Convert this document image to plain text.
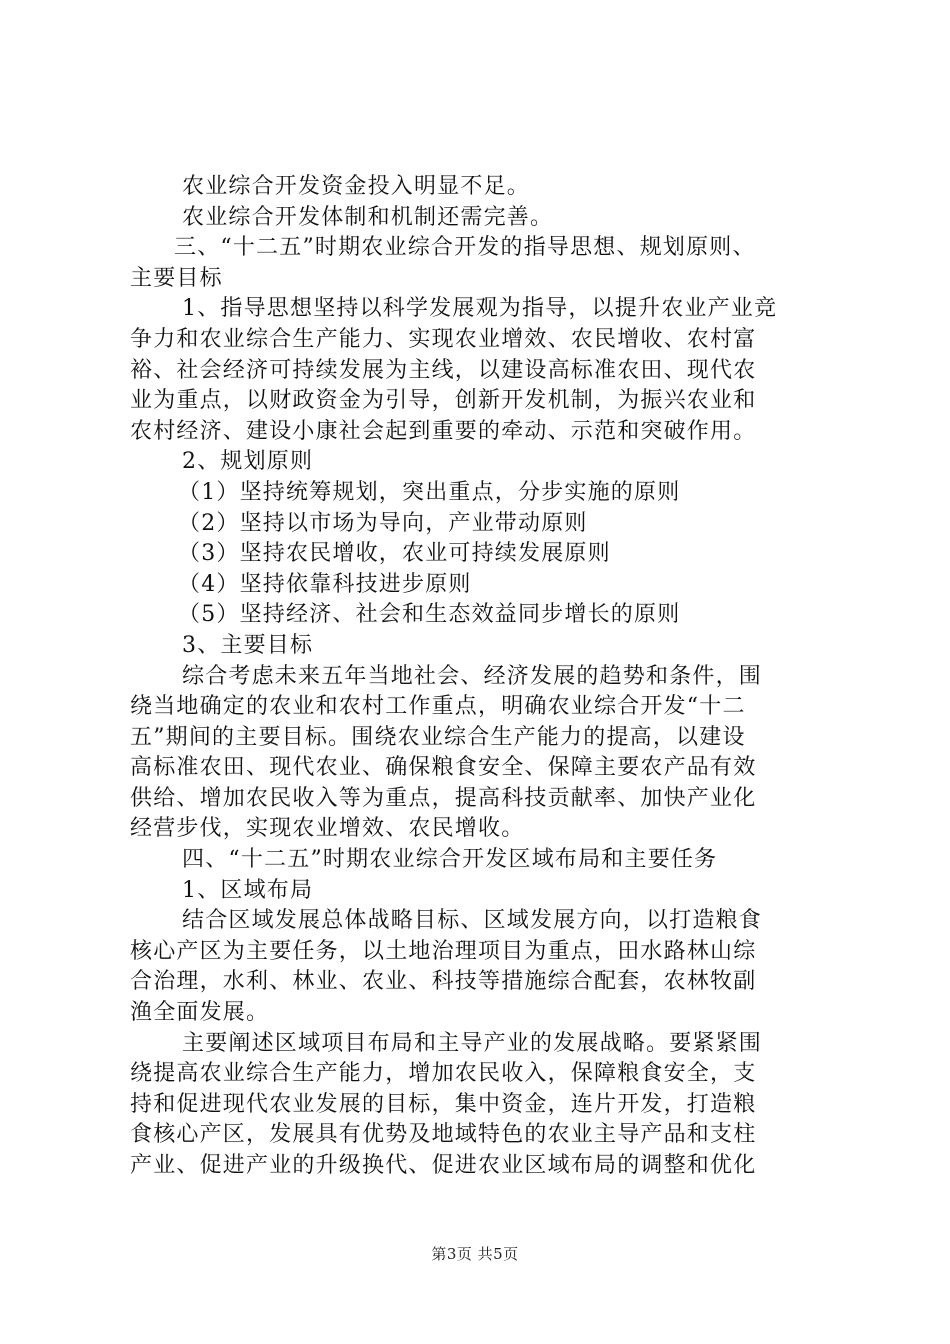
农业综合开发资金投入明显不足。
农业综合开发体制和机制还需完善。
三、“十二五”时期农业综合开发的指导思想、规划原则、
主要目标
1、指导思想坚持以科学发展观为指导，以提升农业产业竞
争力和农业综合生产能力、实现农业增效、农民增收、农村富
裕、社会经济可持续发展为主线，以建设高标准农田、现代农
业为重点，以财政资金为引导，创新开发机制，为振兴农业和
农村经济、建设小康社会起到重要的牵动、示范和突破作用。
2、规划原则
（1）坚持统筹规划，突出重点，分步实施的原则
（2）坚持以市场为导向，产业带动原则
（3）坚持农民增收，农业可持续发展原则
（4）坚持依靠科技进步原则
（5）坚持经济、社会和生态效益同步增长的原则
3、主要目标
综合考虑未来五年当地社会、经济发展的趋势和条件，围
绕当地确定的农业和农村工作重点，明确农业综合开发“十二
五”期间的主要目标。围绕农业综合生产能力的提高，以建设
高标准农田、现代农业、确保粮食安全、保障主要农产品有效
供给、增加农民收入等为重点，提高科技贡献率、加快产业化
经营步伐，实现农业增效、农民增收。
四、“十二五”时期农业综合开发区域布局和主要任务
1、区域布局
结合区域发展总体战略目标、区域发展方向，以打造粮食
核心产区为主要任务，以土地治理项目为重点，田水路林山综
合治理，水利、林业、农业、科技等措施综合配套，农林牧副
渔全面发展。
主要阐述区域项目布局和主导产业的发展战略。要紧紧围
绕提高农业综合生产能力，增加农民收入，保障粮食安全，支
持和促进现代农业发展的目标，集中资金，连片开发，打造粮
食核心产区，发展具有优势及地域特色的农业主导产品和支柱
产业、促进产业的升级换代、促进农业区域布局的调整和优化
第3页 共5页
